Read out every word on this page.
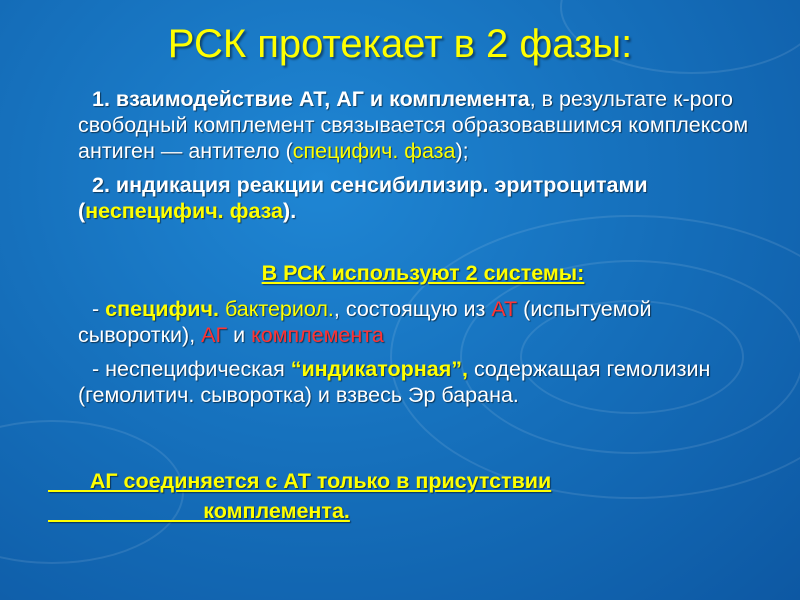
РСК протекает в 2 фазы:

1. взаимодействие АТ, АГ и комплемента, в результате к-рого свободный комплемент связывается образовавшимся комплексом антиген — антитело (специфич. фаза);

2. индикация реакции сенсибилизир. эритроцитами (неспецифич. фаза).

В РСК используют 2 системы:

- специфич. бактериол., состоящую из АТ (испытуемой сыворотки), АГ и комплемента

- неспецифическая “индикаторная”, содержащая гемолизин (гемолитич. сыворотка) и взвесь Эр барана.

АГ соединяется с АТ только в присутствии
комплемента.
